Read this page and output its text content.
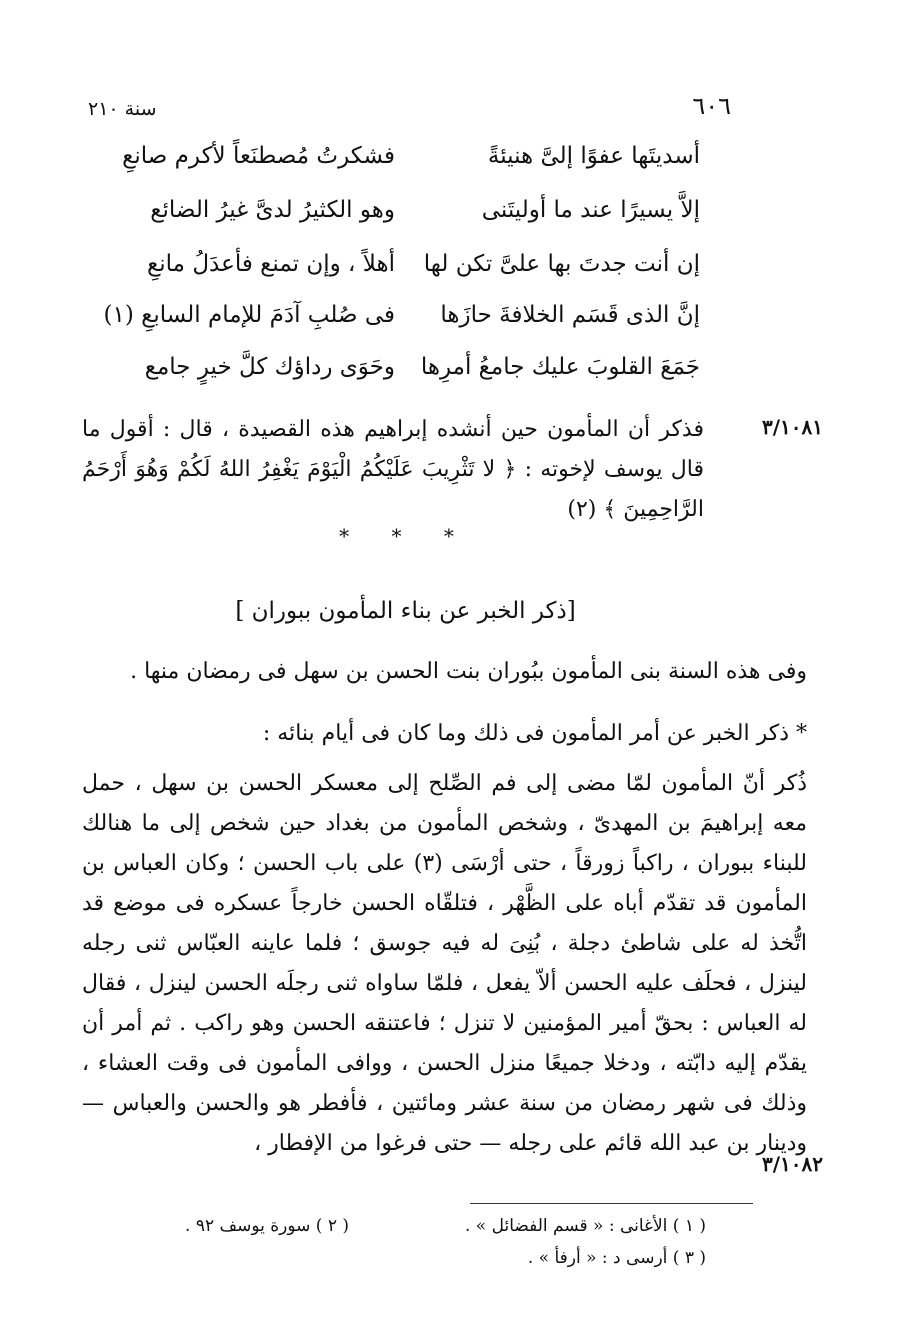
٦٠٦
سنة ٢١٠
أسديتَها عفوًا إلىَّ هنيئةً
فشكرتُ مُصطنَعاً لأكرم صانعِ
إلاَّ يسيرًا عند ما أوليتَنى
وهو الكثيرُ لدىَّ غيرُ الضائع
إن أنت جدتَ بها علىَّ تكن لها
أهلاً ، وإن تمنع فأعدَلُ مانعِ
إنَّ الذى قَسَم الخلافةَ حازَها
فى صُلبِ آدَمَ للإمام السابعِ (١)
جَمَعَ القلوبَ عليك جامعُ أمرِها
وحَوَى رداؤك كلَّ خيرٍ جامع
٣/١٠٨١
فذكر أن المأمون حين أنشده إبراهيم هذه القصيدة ، قال : أقول ما قال يوسف لإخوته : ﴿ لا تَثْرِيبَ عَلَيْكُمُ الْيَوْمَ يَغْفِرُ اللهُ لَكُمْ وَهُوَ أَرْحَمُ الرَّاحِمِينَ ﴾ (٢)
* * *
[ذكر الخبر عن بناء المأمون ببوران ]
وفى هذه السنة بنى المأمون ببُوران بنت الحسن بن سهل فى رمضان منها .
* ذكر الخبر عن أمر المأمون فى ذلك وما كان فى أيام بنائه :
ذُكر أنّ المأمون لمّا مضى إلى فم الصِّلح إلى معسكر الحسن بن سهل ، حمل معه إبراهيمَ بن المهدىّ ، وشخص المأمون من بغداد حين شخص إلى ما هنالك للبناء ببوران ، راكباً زورقاً ، حتى أرْسَى (٣) على باب الحسن ؛ وكان العباس بن المأمون قد تقدّم أباه على الظَّهْر ، فتلقّاه الحسن خارجاً عسكره فى موضع قد اتُّخذ له على شاطئ دجلة ، بُنِىَ له فيه جوسق ؛ فلما عاينه العبّاس ثنى رجله لينزل ، فحلَف عليه الحسن ألاّ يفعل ، فلمّا ساواه ثنى رجلَه الحسن لينزل ، فقال له العباس : بحقّ أمير المؤمنين لا تنزل ؛ فاعتنقه الحسن وهو راكب . ثم أمر أن يقدّم إليه دابّته ، ودخلا جميعًا منزل الحسن ، ووافى المأمون فى وقت العشاء ، وذلك فى شهر رمضان من سنة عشر ومائتين ، فأفطر هو والحسن والعباس — ودينار بن عبد الله قائم على رجله — حتى فرغوا من الإفطار ،
٣/١٠٨٢
( ١ ) الأغانى : « قسم الفضائل » .
( ٢ ) سورة يوسف ٩٢ .
( ٣ ) أرسى د : « أرفأ » .
